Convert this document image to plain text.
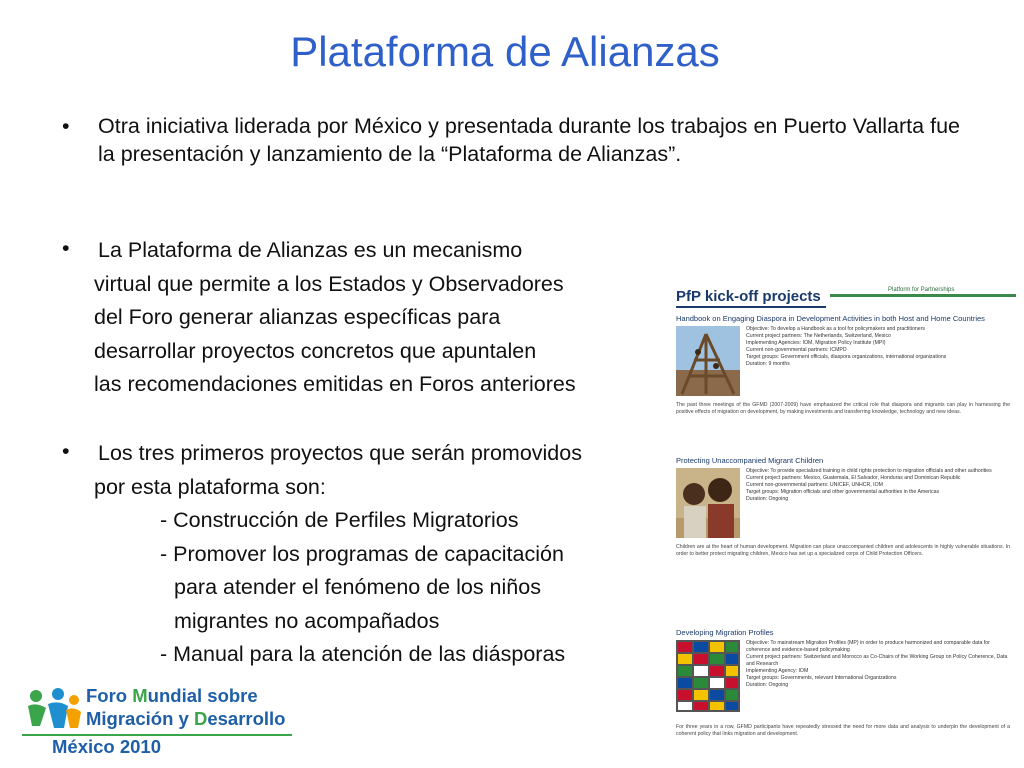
Plataforma de Alianzas
• Otra iniciativa liderada por México y presentada durante los trabajos en Puerto Vallarta fue la presentación y lanzamiento de la “Plataforma de Alianzas”.
• La Plataforma de Alianzas es un mecanismo
virtual que permite a los Estados y Observadores
del Foro generar alianzas específicas para
desarrollar proyectos concretos que apuntalen
las recomendaciones emitidas en Foros anteriores
• Los tres primeros proyectos que serán promovidos
por esta plataforma son:
- Construcción de Perfiles Migratorios
- Promover los programas de capacitación
para atender el fenómeno de los niños
migrantes no acompañados
- Manual para la atención de las diásporas
PfP kick-off projects	Platform for Partnerships
Handbook on Engaging Diaspora in Development Activities in both Host and Home Countries
Objective: To develop a Handbook as a tool for policymakers and practitioners
Current project partners: The Netherlands, Switzerland, Mexico
Implementing Agencies: IOM, Migration Policy Institute (MPI)
Current non-governmental partners: ICMPD
Target groups: Government officials, diaspora organizations, international organizations
Duration: 9 months
The past three meetings of the GFMD (2007-2009) have emphasized the critical role that diaspora and migrants can play in harnessing the positive effects of migration on development, by making investments and transferring knowledge, technology and new ideas.
Protecting Unaccompanied Migrant Children
Objective: To provide specialized training in child rights protection to migration officials and other authorities
Current project partners: Mexico, Guatemala, El Salvador, Honduras and Dominican Republic
Current non-governmental partners: UNICEF, UNHCR, IOM
Target groups: Migration officials and other governmental authorities in the Americas
Duration: Ongoing
Children are at the heart of human development. Migration can place unaccompanied children and adolescents in highly vulnerable situations. In order to better protect migrating children, Mexico has set up a specialized corps of Child Protection Officers.
Developing Migration Profiles
Objective: To mainstream Migration Profiles (MP) in order to produce harmonized and comparable data for coherence and evidence-based policymaking
Current project partners: Switzerland and Morocco as Co-Chairs of the Working Group on Policy Coherence, Data and Research
Implementing Agency: IOM
Target groups: Governments, relevant International Organizations
Duration: Ongoing
For three years in a row, GFMD participants have repeatedly stressed the need for more data and analysis to underpin the development of a coherent policy that links migration and development.
Foro Mundial sobre
Migración y Desarrollo
México 2010
